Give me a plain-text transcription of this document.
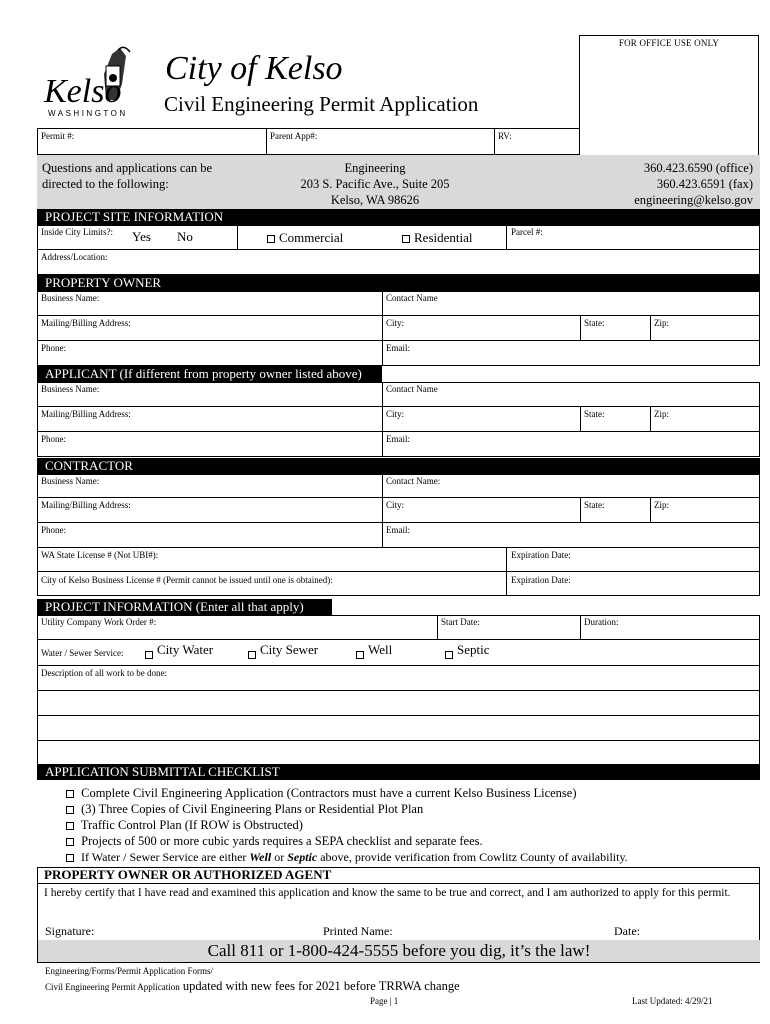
FOR OFFICE USE ONLY
Kelso
WASHINGTON
City of Kelso
Civil Engineering Permit Application
Permit #:	Parent App#:	RV:
Questions and applications can be
directed to the following:
Engineering
203 S. Pacific Ave., Suite 205
Kelso, WA 98626
360.423.6590 (office)
360.423.6591 (fax)
engineering@kelso.gov
PROJECT SITE INFORMATION
Inside City Limits?: Yes No	Commercial	Residential	Parcel #:
Address/Location:
PROPERTY OWNER
Business Name:	Contact Name
Mailing/Billing Address:	City:	State:	Zip:
Phone:	Email:
APPLICANT (If different from property owner listed above)
Business Name:	Contact Name
Mailing/Billing Address:	City:	State:	Zip:
Phone:	Email:
CONTRACTOR
Business Name:	Contact Name:
Mailing/Billing Address:	City:	State:	Zip:
Phone:	Email:
WA State License # (Not UBI#):	Expiration Date:
City of Kelso Business License # (Permit cannot be issued until one is obtained):	Expiration Date:
PROJECT INFORMATION (Enter all that apply)
Utility Company Work Order #:	Start Date:	Duration:
Water / Sewer Service:	City Water	City Sewer	Well	Septic
Description of all work to be done:
APPLICATION SUBMITTAL CHECKLIST
Complete Civil Engineering Application (Contractors must have a current Kelso Business License)
(3) Three Copies of Civil Engineering Plans or Residential Plot Plan
Traffic Control Plan (If ROW is Obstructed)
Projects of 500 or more cubic yards requires a SEPA checklist and separate fees.
If Water / Sewer Service are either Well or Septic above, provide verification from Cowlitz County of availability.
PROPERTY OWNER OR AUTHORIZED AGENT
I hereby certify that I have read and examined this application and know the same to be true and correct, and I am authorized to apply for this permit.
Signature:	Printed Name:	Date:
Call 811 or 1-800-424-5555 before you dig, it’s the law!
Engineering/Forms/Permit Application Forms/
Civil Engineering Permit Application updated with new fees for 2021 before TRRWA change
Page | 1	Last Updated: 4/29/21
